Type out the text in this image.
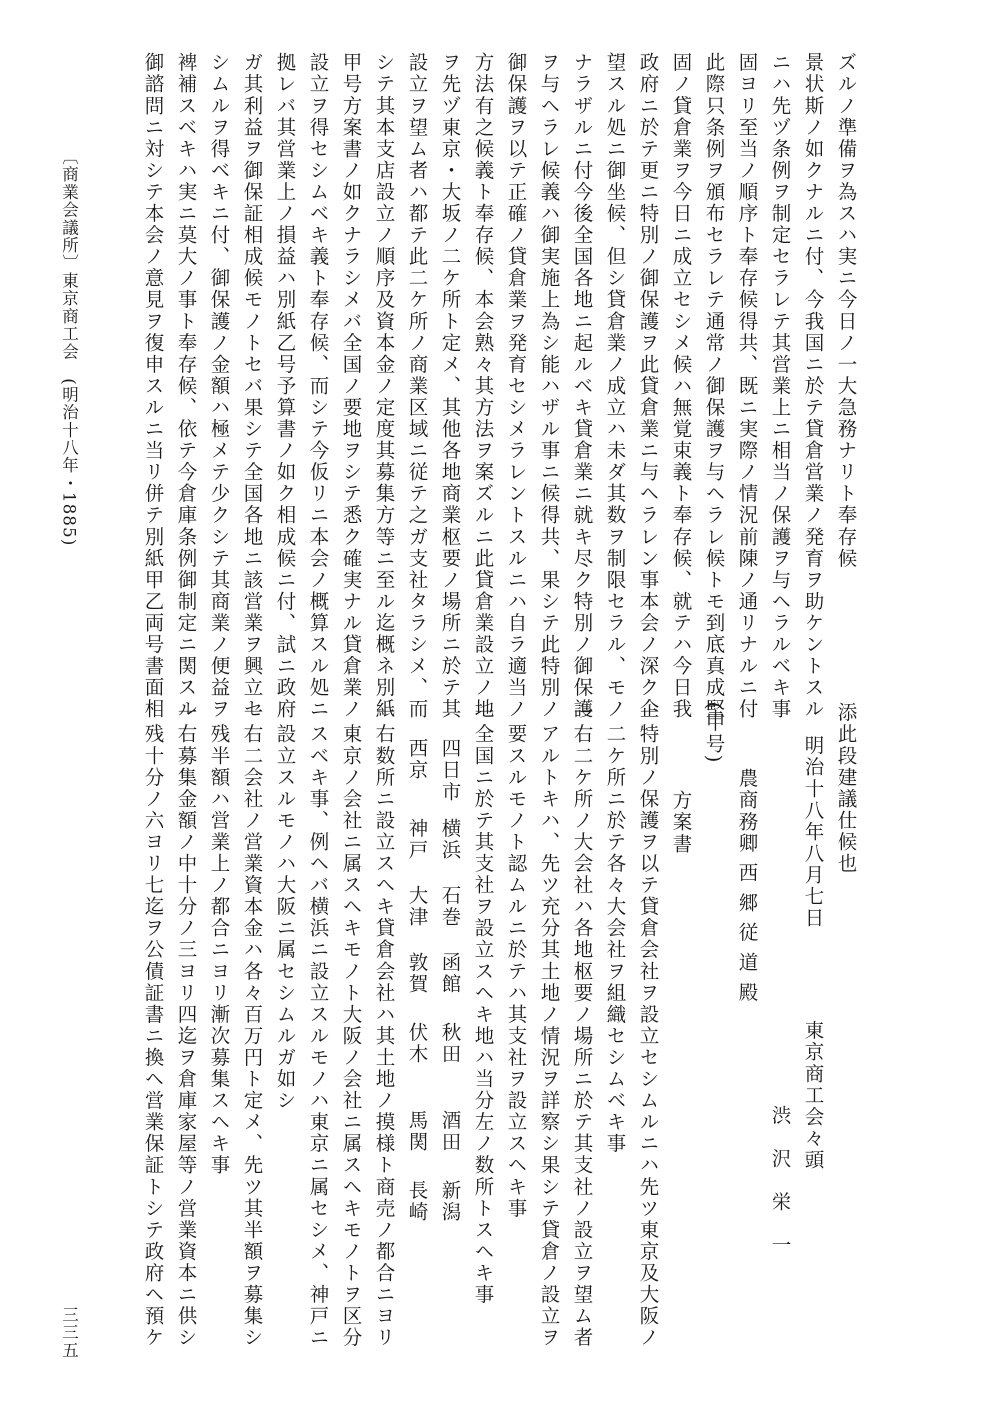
ズルノ準備ヲ為スハ実ニ今日ノ一大急務ナリト奉存候
景状斯ノ如クナルニ付、今我国ニ於テ貸倉営業ノ発育ヲ助ケントスル
ニハ先ヅ条例ヲ制定セラレテ其営業上ニ相当ノ保護ヲ与ヘラルベキ事
固ヨリ至当ノ順序ト奉存候得共、既ニ実際ノ情況前陳ノ通リナルニ付
此際只条例ヲ頒布セラレテ通常ノ御保護ヲ与ヘラレ候トモ到底真成堅
固ノ貸倉業ヲ今日ニ成立セシメ候ハ無覚束義ト奉存候、就テハ今日我
政府ニ於テ更ニ特別ノ御保護ヲ此貸倉業ニ与ヘラレン事本会ノ深ク企
望スル処ニ御坐候、但シ貸倉業ノ成立ハ未ダ其数ヲ制限セラル、モノ
ナラザルニ付今後全国各地ニ起ルベキ貸倉業ニ就キ尽ク特別ノ御保護
ヲ与ヘラレ候義ハ御実施上為シ能ハザル事ニ候得共、果シテ此特別ノ
御保護ヲ以テ正確ノ貸倉業ヲ発育セシメラレントスルニハ自ラ適当ノ
方法有之候義ト奉存候、本会熟々其方法ヲ案ズルニ此貸倉業設立ノ地
ヲ先ヅ東京・大坂ノ二ケ所ト定メ、其他各地商業枢要ノ場所ニ於テ其
設立ヲ望ム者ハ都テ此二ケ所ノ商業区域ニ従テ之ガ支社タラシメ、而
シテ其本支店設立ノ順序及資本金ノ定度其募集方等ニ至ル迄概ネ別紙
甲号方案書ノ如クナラシメバ全国ノ要地ヲシテ悉ク確実ナル貸倉業ノ
設立ヲ得セシムベキ義ト奉存候、而シテ今仮リニ本会ノ概算スル処ニ
拠レバ其営業上ノ損益ハ別紙乙号予算書ノ如ク相成候ニ付、試ニ政府
ガ其利益ヲ御保証相成候モノトセバ果シテ全国各地ニ該営業ヲ興立セ
シムルヲ得ベキニ付、御保護ノ金額ハ極メテ少クシテ其商業ノ便益ヲ
裨補スベキハ実ニ莫大ノ事ト奉存候、依テ今倉庫条例御制定ニ関スル
御諮問ニ対シテ本会ノ意見ヲ復申スルニ当リ併テ別紙甲乙両号書面相
添此段建議仕候也
明治十八年八月七日
東京商工会々頭
渋　沢　栄　一
農商務卿 西 郷 従 道 殿
(甲号)
方案書
一特別ノ保護ヲ以テ貸倉会社ヲ設立セシムルニハ先ツ東京及大阪ノ
　二ケ所ニ於テ各々大会社ヲ組織セシムベキ事
一右二ケ所ノ大会社ハ各地枢要ノ場所ニ於テ其支社ノ設立ヲ望ム者
　アルトキハ、先ツ充分其土地ノ情況ヲ詳察シ果シテ貸倉ノ設立ヲ
　要スルモノト認ムルニ於テハ其支社ヲ設立スヘキ事
一全国ニ於テ其支社ヲ設立スヘキ地ハ当分左ノ数所トスヘキ事
四日市
横浜
石巻
函館
秋田
酒田
新潟
西京
神戸
大津
敦賀
伏木
馬関
長崎
一右数所ニ設立スヘキ貸倉会社ハ其土地ノ摸様ト商売ノ都合ニヨリ
　東京ノ会社ニ属スヘキモノト大阪ノ会社ニ属スヘキモノトヲ区分
　スベキ事、例ヘバ横浜ニ設立スルモノハ東京ニ属セシメ、神戸ニ
　設立スルモノハ大阪ニ属セシムルガ如シ
一右二会社ノ営業資本金ハ各々百万円ト定メ、先ツ其半額ヲ募集シ
　残半額ハ営業上ノ都合ニヨリ漸次募集スヘキ事
一右募集金額ノ中十分ノ三ヨリ四迄ヲ倉庫家屋等ノ営業資本ニ供シ
　残十分ノ六ヨリ七迄ヲ公債証書ニ換ヘ営業保証トシテ政府ヘ預ケ
〔商業会議所〕
東京商工会　(明治十八年・1885)
三三五
